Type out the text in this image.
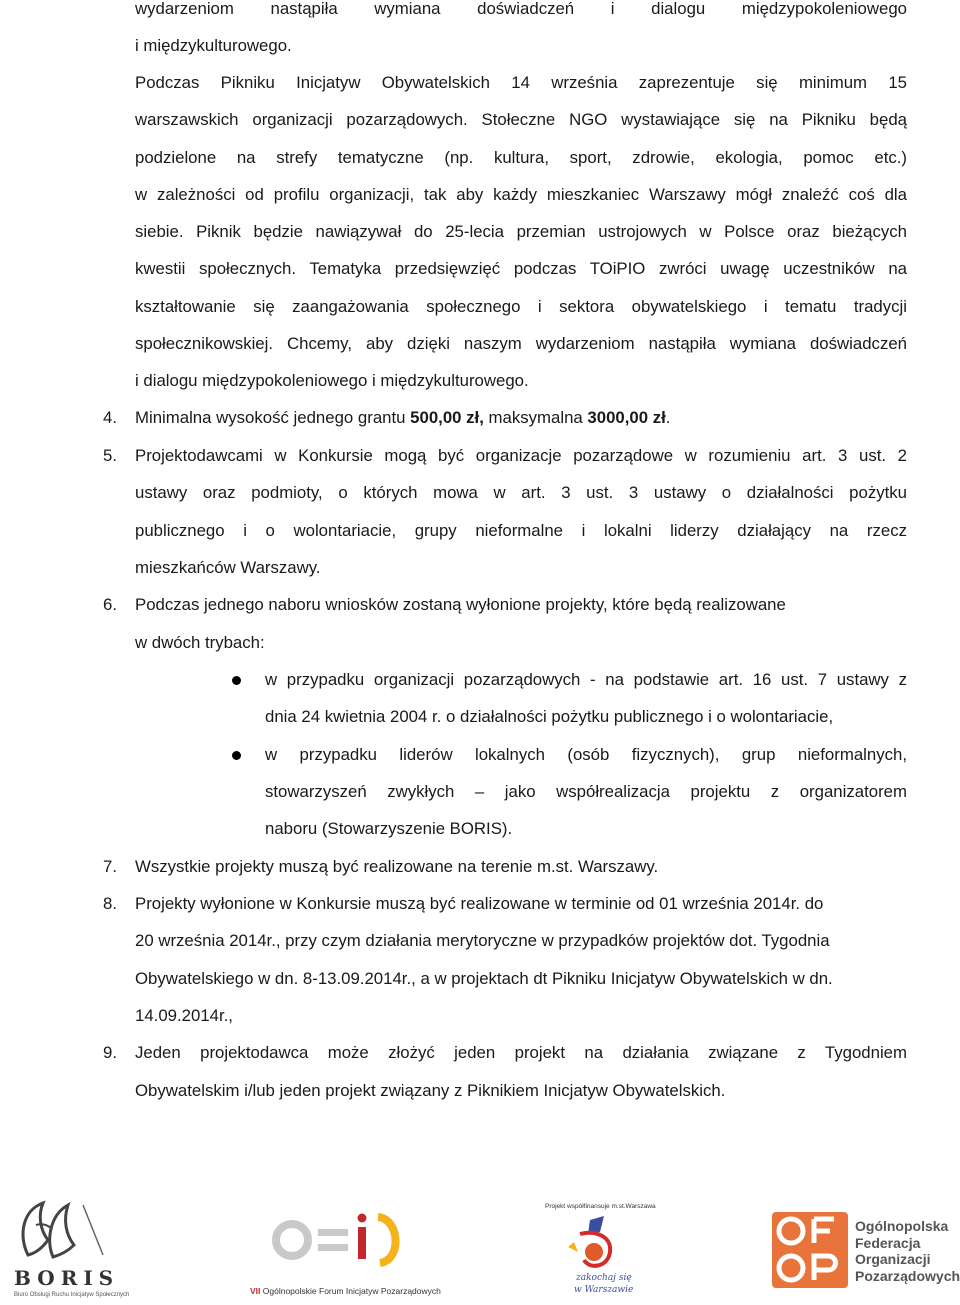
wydarzeniom nastąpiła wymiana doświadczeń i dialogu międzypokoleniowego
i międzykulturowego.
Podczas Pikniku Inicjatyw Obywatelskich 14 września zaprezentuje się minimum 15
warszawskich organizacji pozarządowych. Stołeczne NGO wystawiające się na Pikniku będą
podzielone na strefy tematyczne (np. kultura, sport, zdrowie, ekologia, pomoc etc.)
w zależności od profilu organizacji, tak aby każdy mieszkaniec Warszawy mógł znaleźć coś dla
siebie. Piknik będzie nawiązywał do 25-lecia przemian ustrojowych w Polsce oraz bieżących
kwestii społecznych. Tematyka przedsięwzięć podczas TOiPIO zwróci uwagę uczestników na
kształtowanie się zaangażowania społecznego i sektora obywatelskiego i tematu tradycji
społecznikowskiej. Chcemy, aby dzięki naszym wydarzeniom nastąpiła wymiana doświadczeń
i dialogu międzypokoleniowego i międzykulturowego.
4. Minimalna wysokość jednego grantu 500,00 zł, maksymalna 3000,00 zł.
5. Projektodawcami w Konkursie mogą być organizacje pozarządowe w rozumieniu art. 3 ust. 2
ustawy oraz podmioty, o których mowa w art. 3 ust. 3 ustawy o działalności pożytku
publicznego i o wolontariacie, grupy nieformalne i lokalni liderzy działający na rzecz
mieszkańców Warszawy.
6. Podczas jednego naboru wniosków zostaną wyłonione projekty, które będą realizowane
w dwóch trybach:
w przypadku organizacji pozarządowych - na podstawie art. 16 ust. 7 ustawy z
dnia 24 kwietnia 2004 r. o działalności pożytku publicznego i o wolontariacie,
w przypadku liderów lokalnych (osób fizycznych), grup nieformalnych,
stowarzyszeń zwykłych – jako współrealizacja projektu z organizatorem
naboru (Stowarzyszenie BORIS).
7. Wszystkie projekty muszą być realizowane na terenie m.st. Warszawy.
8. Projekty wyłonione w Konkursie muszą być realizowane w terminie od 01 września 2014r. do
20 września 2014r., przy czym działania merytoryczne w przypadków projektów dot. Tygodnia
Obywatelskiego w dn. 8-13.09.2014r., a w projektach dt Pikniku Inicjatyw Obywatelskich w dn.
14.09.2014r.,
9. Jeden projektodawca może złożyć jeden projekt na działania związane z Tygodniem
Obywatelskim i/lub jeden projekt związany z Piknikiem Inicjatyw Obywatelskich.
BORIS
Biuro Obsługi Ruchu Inicjatyw Społecznych	VII Ogólnopolskie Forum Inicjatyw Pozarządowych
Projekt współfinansuje m.st.Warszawa
zakochaj się
w Warszawie
Ogólnopolska
Federacja
Organizacji
Pozarządowych
